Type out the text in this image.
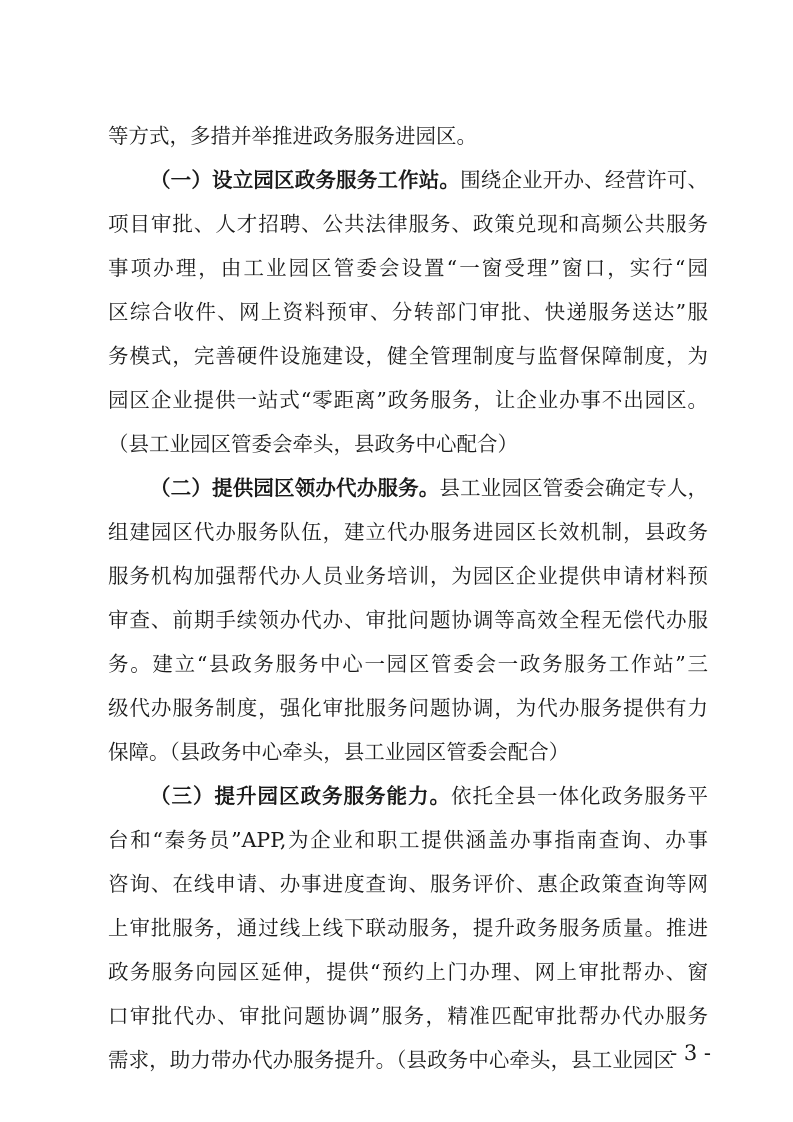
等方式，多措并举推进政务服务进园区。
（一）设立园区政务服务工作站。围绕企业开办、经营许可、
项目审批、人才招聘、公共法律服务、政策兑现和高频公共服务
事项办理，由工业园区管委会设置“一窗受理”窗口，实行“园
区综合收件、网上资料预审、分转部门审批、快递服务送达”服
务模式，完善硬件设施建设，健全管理制度与监督保障制度，为
园区企业提供一站式“零距离”政务服务，让企业办事不出园区。
（县工业园区管委会牵头，县政务中心配合）
（二）提供园区领办代办服务。县工业园区管委会确定专人，
组建园区代办服务队伍，建立代办服务进园区长效机制，县政务
服务机构加强帮代办人员业务培训，为园区企业提供申请材料预
审查、前期手续领办代办、审批问题协调等高效全程无偿代办服
务。建立“县政务服务中心一园区管委会一政务服务工作站”三
级代办服务制度，强化审批服务问题协调，为代办服务提供有力
保障。（县政务中心牵头，县工业园区管委会配合）
（三）提升园区政务服务能力。依托全县一体化政务服务平
台和“秦务员”APP,为企业和职工提供涵盖办事指南查询、办事
咨询、在线申请、办事进度查询、服务评价、惠企政策查询等网
上审批服务，通过线上线下联动服务，提升政务服务质量。推进
政务服务向园区延伸，提供“预约上门办理、网上审批帮办、窗
口审批代办、审批问题协调”服务，精准匹配审批帮办代办服务
需求，助力带办代办服务提升。（县政务中心牵头，县工业园区
- 3 -
